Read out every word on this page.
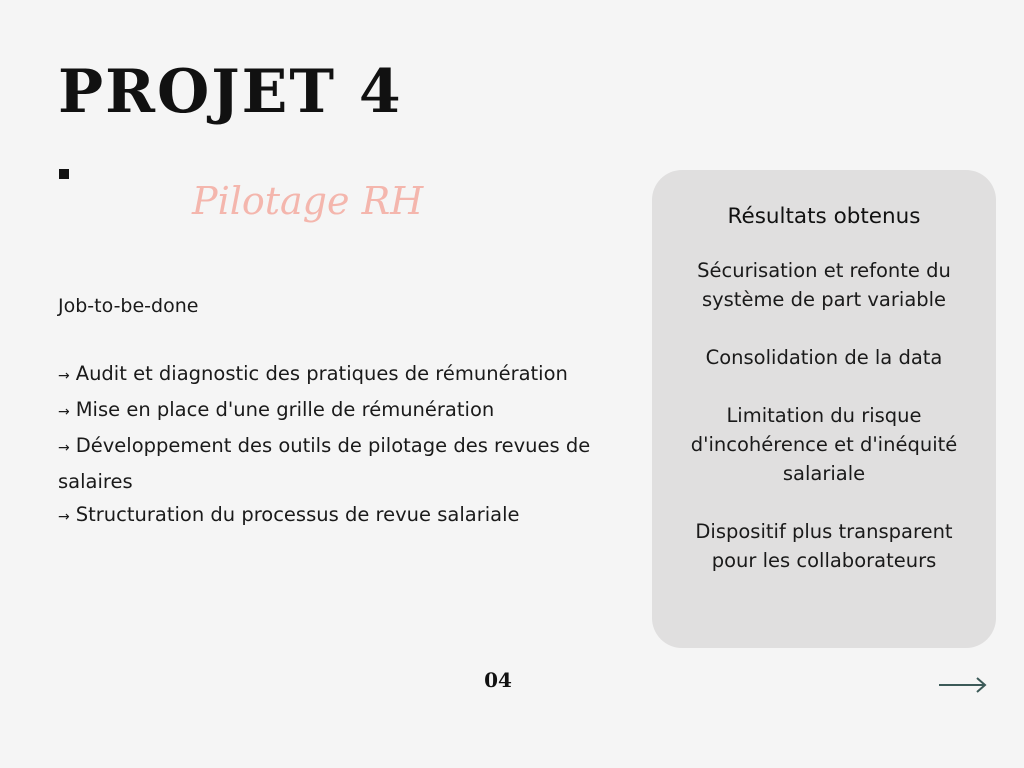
PROJET 4
Pilotage RH
Job-to-be-done
→ Audit et diagnostic des pratiques de rémunération
→ Mise en place d'une grille de rémunération
→ Développement des outils de pilotage des revues de salaires
→ Structuration du processus de revue salariale
Résultats obtenus

Sécurisation et refonte du système de part variable

Consolidation de la data

Limitation du risque d'incohérence et d'inéquité salariale

Dispositif plus transparent pour les collaborateurs

04
